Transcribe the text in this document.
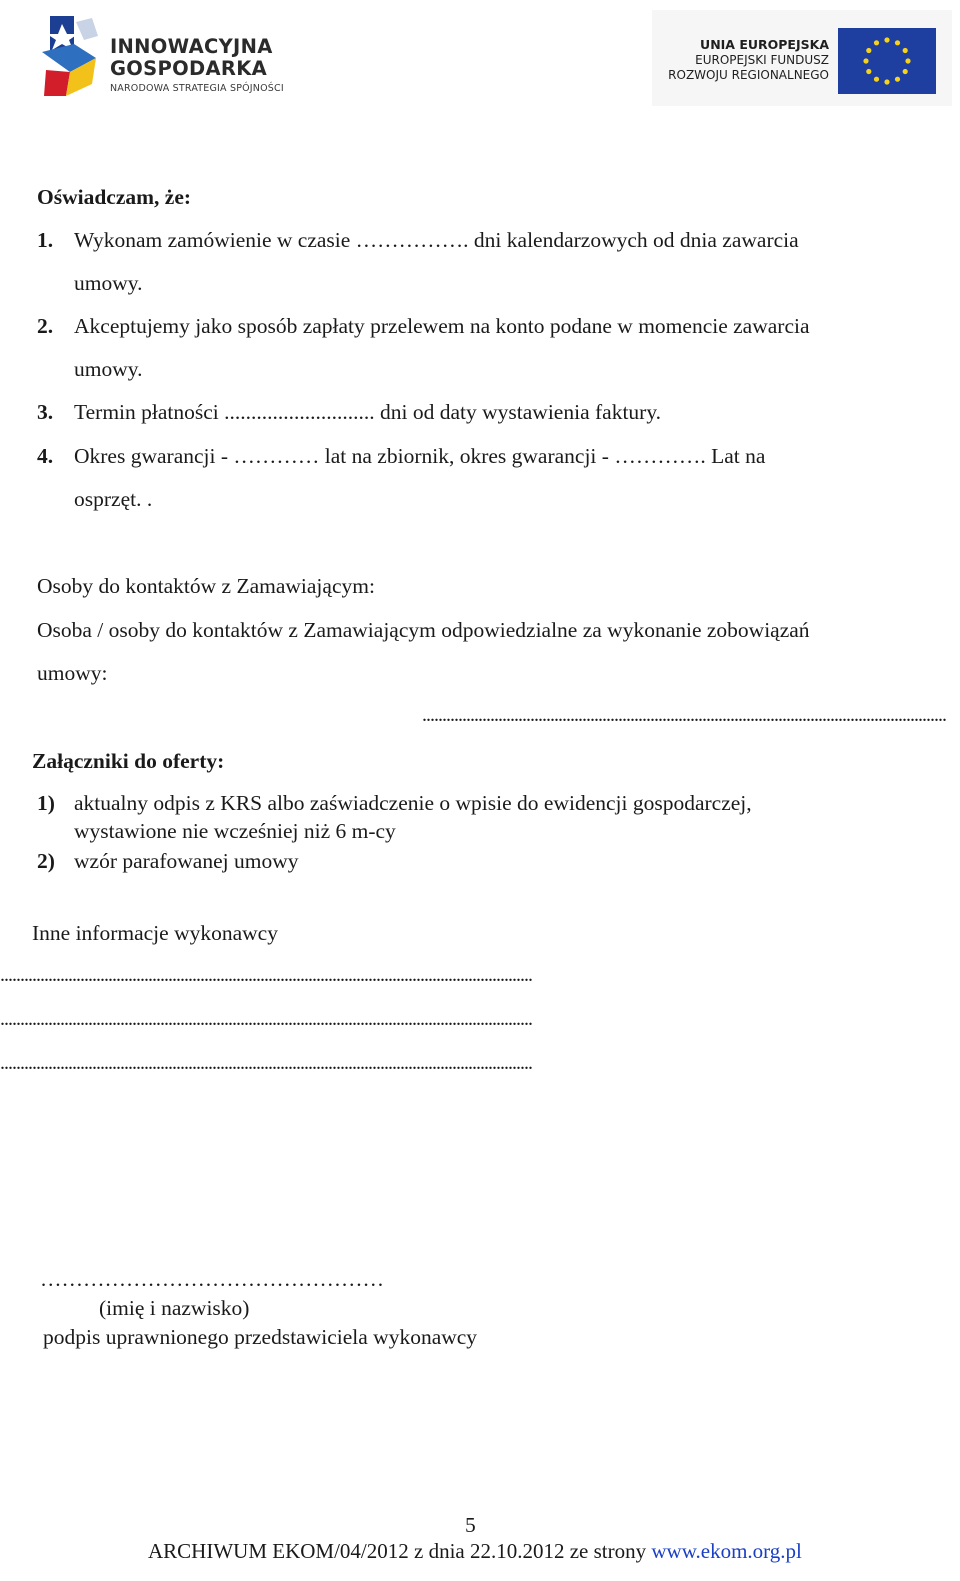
INNOWACYJNA
GOSPODARKA
NARODOWA STRATEGIA SPÓJNOŚCI
UNIA EUROPEJSKA
EUROPEJSKI FUNDUSZ
ROZWOJU REGIONALNEGO
Oświadczam, że:
1. Wykonam zamówienie w czasie ……………. dni kalendarzowych od dnia zawarcia
umowy.
2. Akceptujemy jako sposób zapłaty przelewem na konto podane w momencie zawarcia
umowy.
3. Termin płatności ............................ dni od daty wystawienia faktury.
4. Okres gwarancji - ………… lat na zbiornik, okres gwarancji - …………. Lat na
osprzęt. .
Osoby do kontaktów z Zamawiającym:
Osoba / osoby do kontaktów z Zamawiającym odpowiedzialne za wykonanie zobowiązań
umowy:
...................................................................................................................................
Załączniki do oferty:
1) aktualny odpis z KRS albo zaświadczenie o wpisie do ewidencji gospodarczej,
wystawione nie wcześniej niż 6 m-cy
2) wzór parafowanej umowy
Inne informacje wykonawcy
.....................................................................................................................................
.....................................................................................................................................
.....................................................................................................................................
…………………………………………
(imię i nazwisko)
podpis uprawnionego przedstawiciela wykonawcy
5
ARCHIWUM EKOM/04/2012 z dnia 22.10.2012 ze strony www.ekom.org.pl
